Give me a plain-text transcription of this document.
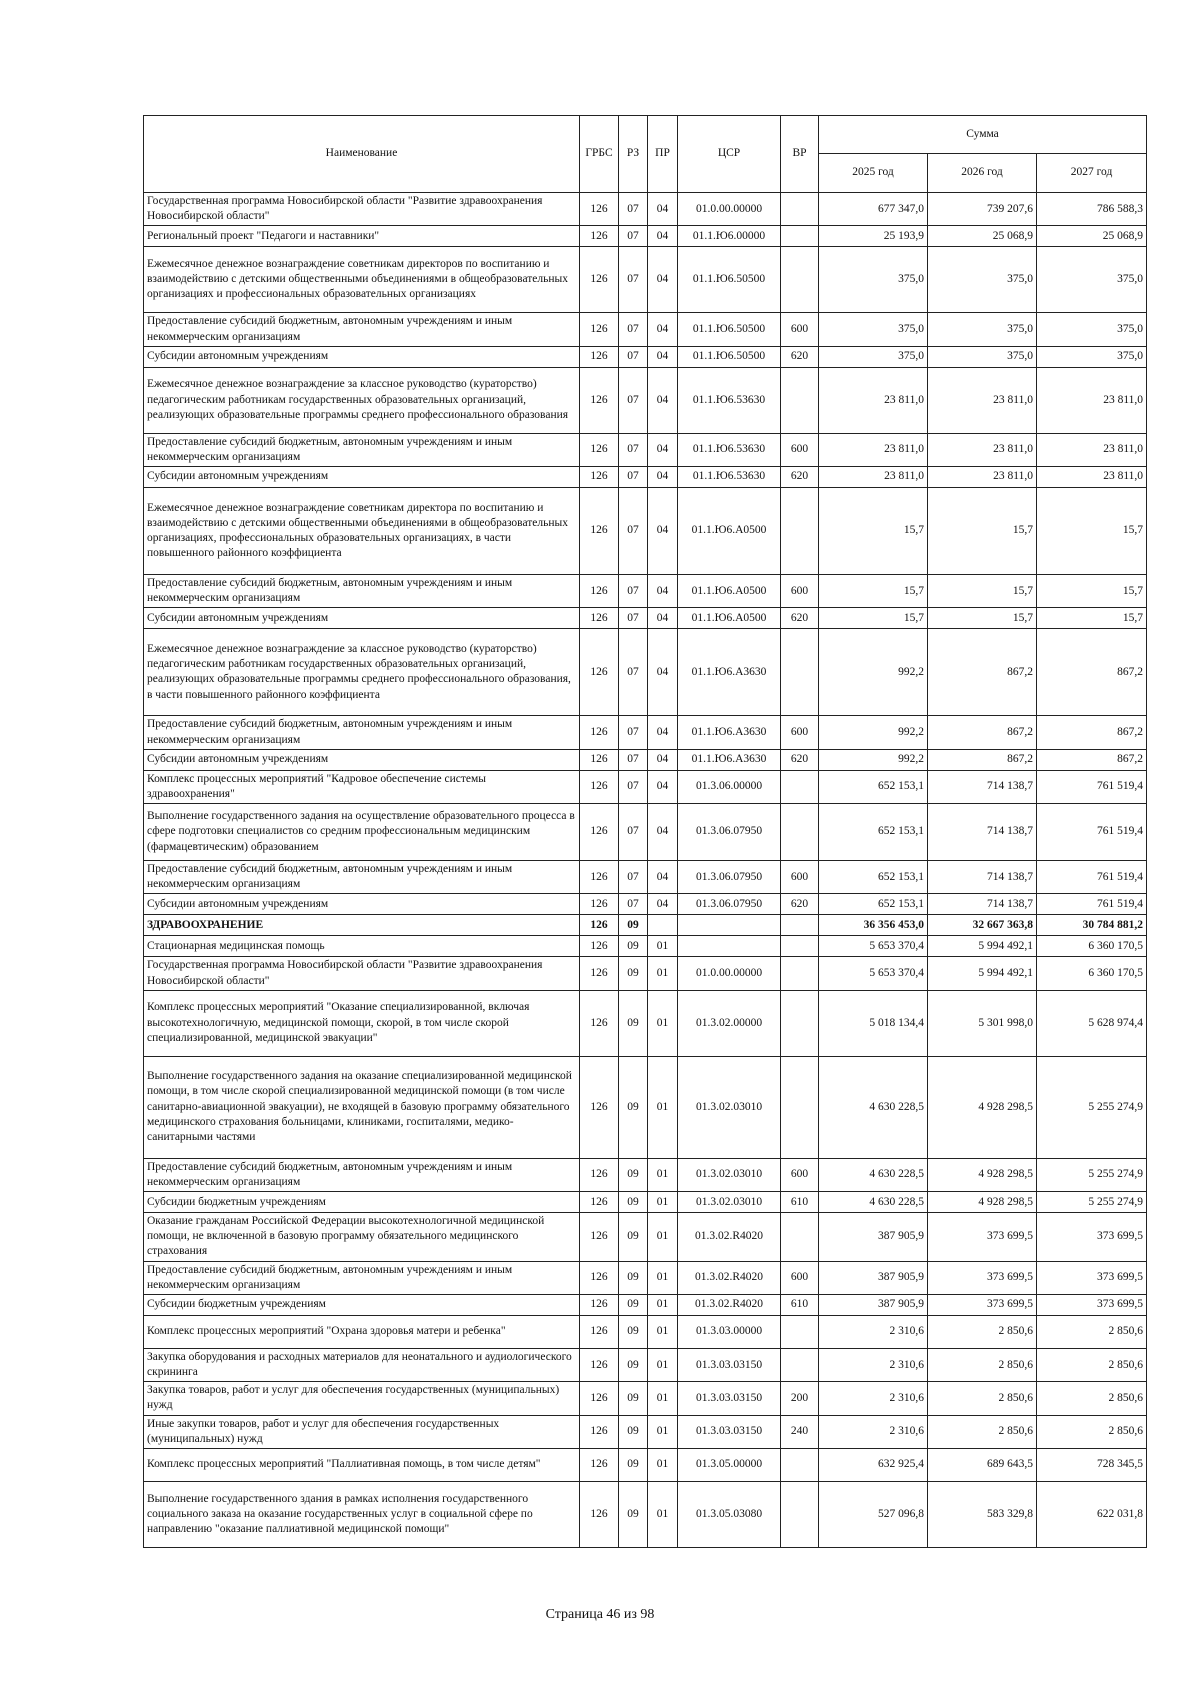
Наименование	ГРБС	РЗ	ПР	ЦСР	ВР	Сумма		
						2025 год	2026 год	2027 год
Государственная программа Новосибирской области "Развитие здравоохранения Новосибирской области"	126	07	04	01.0.00.00000		677 347,0	739 207,6	786 588,3
Региональный проект "Педагоги и наставники"	126	07	04	01.1.Ю6.00000		25 193,9	25 068,9	25 068,9
Ежемесячное денежное вознаграждение советникам директоров по воспитанию и взаимодействию с детскими общественными объединениями в общеобразовательных организациях и профессиональных образовательных организациях	126	07	04	01.1.Ю6.50500		375,0	375,0	375,0
Предоставление субсидий бюджетным, автономным учреждениям и иным некоммерческим организациям	126	07	04	01.1.Ю6.50500	600	375,0	375,0	375,0
Субсидии автономным учреждениям	126	07	04	01.1.Ю6.50500	620	375,0	375,0	375,0
Ежемесячное денежное вознаграждение за классное руководство (кураторство) педагогическим работникам государственных образовательных организаций, реализующих образовательные программы среднего профессионального образования	126	07	04	01.1.Ю6.53630		23 811,0	23 811,0	23 811,0
Предоставление субсидий бюджетным, автономным учреждениям и иным некоммерческим организациям	126	07	04	01.1.Ю6.53630	600	23 811,0	23 811,0	23 811,0
Субсидии автономным учреждениям	126	07	04	01.1.Ю6.53630	620	23 811,0	23 811,0	23 811,0
Ежемесячное денежное вознаграждение советникам директора по воспитанию и взаимодействию с детскими общественными объединениями в общеобразовательных организациях, профессиональных образовательных организациях, в части повышенного районного коэффициента	126	07	04	01.1.Ю6.А0500		15,7	15,7	15,7
Предоставление субсидий бюджетным, автономным учреждениям и иным некоммерческим организациям	126	07	04	01.1.Ю6.А0500	600	15,7	15,7	15,7
Субсидии автономным учреждениям	126	07	04	01.1.Ю6.А0500	620	15,7	15,7	15,7
Ежемесячное денежное вознаграждение за классное руководство (кураторство) педагогическим работникам государственных образовательных организаций, реализующих образовательные программы среднего профессионального образования, в части повышенного районного коэффициента	126	07	04	01.1.Ю6.А3630		992,2	867,2	867,2
Предоставление субсидий бюджетным, автономным учреждениям и иным некоммерческим организациям	126	07	04	01.1.Ю6.А3630	600	992,2	867,2	867,2
Субсидии автономным учреждениям	126	07	04	01.1.Ю6.А3630	620	992,2	867,2	867,2
Комплекс процессных мероприятий "Кадровое обеспечение системы здравоохранения"	126	07	04	01.3.06.00000		652 153,1	714 138,7	761 519,4
Выполнение государственного задания на осуществление образовательного процесса в сфере подготовки специалистов со средним профессиональным медицинским (фармацевтическим) образованием	126	07	04	01.3.06.07950		652 153,1	714 138,7	761 519,4
Предоставление субсидий бюджетным, автономным учреждениям и иным некоммерческим организациям	126	07	04	01.3.06.07950	600	652 153,1	714 138,7	761 519,4
Субсидии автономным учреждениям	126	07	04	01.3.06.07950	620	652 153,1	714 138,7	761 519,4
ЗДРАВООХРАНЕНИЕ	126	09				36 356 453,0	32 667 363,8	30 784 881,2
Стационарная медицинская помощь	126	09	01			5 653 370,4	5 994 492,1	6 360 170,5
Государственная программа Новосибирской области "Развитие здравоохранения Новосибирской области"	126	09	01	01.0.00.00000		5 653 370,4	5 994 492,1	6 360 170,5
Комплекс процессных мероприятий "Оказание специализированной, включая высокотехнологичную, медицинской помощи, скорой, в том числе скорой специализированной, медицинской эвакуации"	126	09	01	01.3.02.00000		5 018 134,4	5 301 998,0	5 628 974,4
Выполнение государственного задания на оказание специализированной медицинской помощи, в том числе скорой специализированной медицинской помощи (в том числе санитарно-авиационной эвакуации), не входящей в базовую программу обязательного медицинского страхования больницами, клиниками, госпиталями, медико-санитарными частями	126	09	01	01.3.02.03010		4 630 228,5	4 928 298,5	5 255 274,9
Предоставление субсидий бюджетным, автономным учреждениям и иным некоммерческим организациям	126	09	01	01.3.02.03010	600	4 630 228,5	4 928 298,5	5 255 274,9
Субсидии бюджетным учреждениям	126	09	01	01.3.02.03010	610	4 630 228,5	4 928 298,5	5 255 274,9
Оказание гражданам Российской Федерации высокотехнологичной медицинской помощи, не включенной в базовую программу обязательного медицинского страхования	126	09	01	01.3.02.R4020		387 905,9	373 699,5	373 699,5
Предоставление субсидий бюджетным, автономным учреждениям и иным некоммерческим организациям	126	09	01	01.3.02.R4020	600	387 905,9	373 699,5	373 699,5
Субсидии бюджетным учреждениям	126	09	01	01.3.02.R4020	610	387 905,9	373 699,5	373 699,5
Комплекс процессных мероприятий "Охрана здоровья матери и ребенка"	126	09	01	01.3.03.00000		2 310,6	2 850,6	2 850,6
Закупка оборудования и расходных материалов для неонатального и аудиологического скрининга	126	09	01	01.3.03.03150		2 310,6	2 850,6	2 850,6
Закупка товаров, работ и услуг для обеспечения государственных (муниципальных) нужд	126	09	01	01.3.03.03150	200	2 310,6	2 850,6	2 850,6
Иные закупки товаров, работ и услуг для обеспечения государственных (муниципальных) нужд	126	09	01	01.3.03.03150	240	2 310,6	2 850,6	2 850,6
Комплекс процессных мероприятий "Паллиативная помощь, в том числе детям"	126	09	01	01.3.05.00000		632 925,4	689 643,5	728 345,5
Выполнение государственного здания в рамках исполнения государственного социального заказа на оказание государственных услуг в социальной сфере по направлению "оказание паллиативной медицинской помощи"	126	09	01	01.3.05.03080		527 096,8	583 329,8	622 031,8
Страница 46 из 98
